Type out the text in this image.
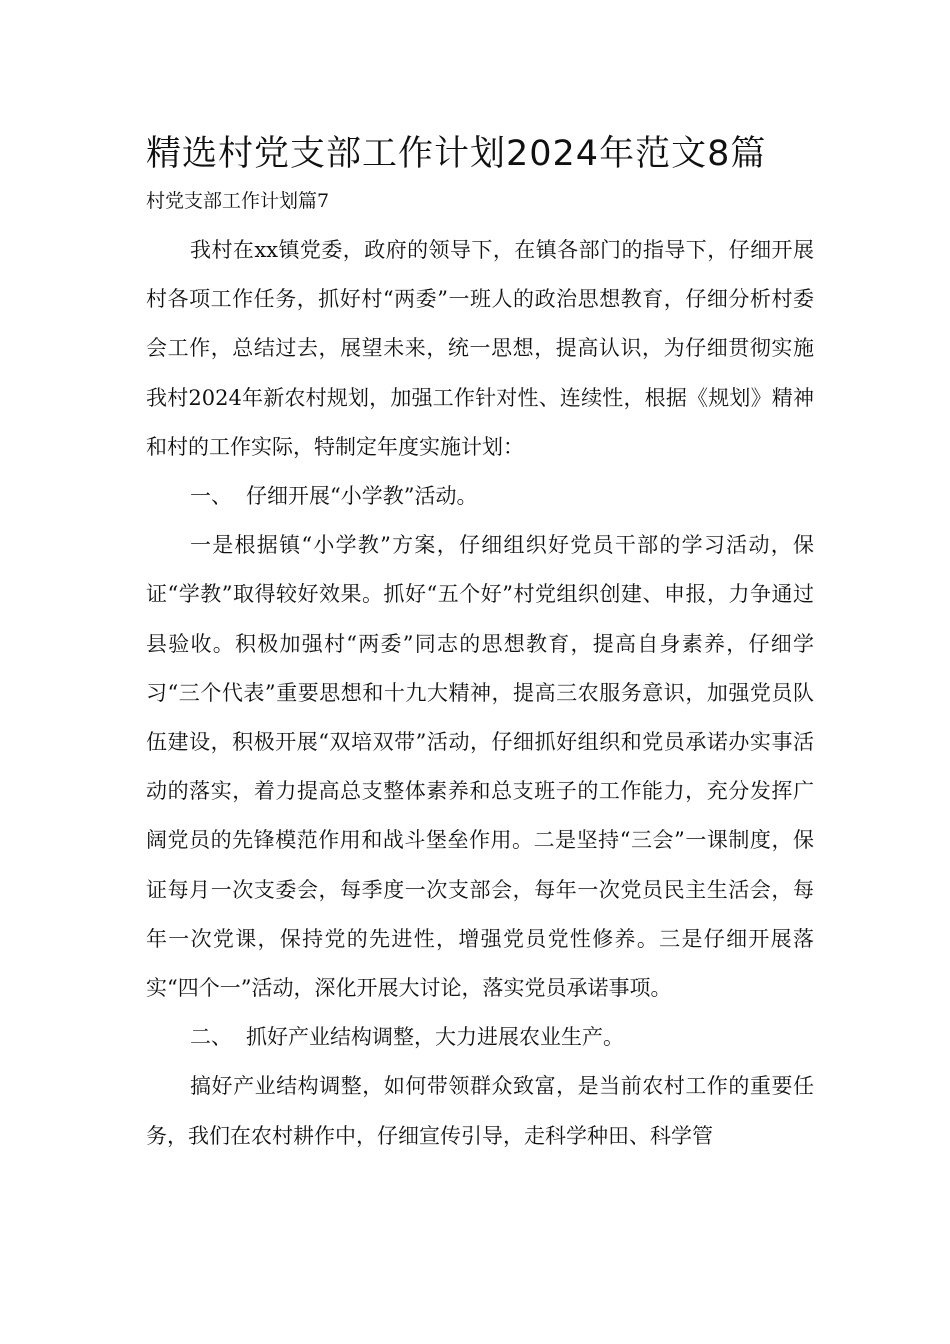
精选村党支部工作计划2024年范文8篇
村党支部工作计划篇7

我村在xx镇党委，政府的领导下，在镇各部门的指导下，仔细开展村各项工作任务，抓好村“两委”一班人的政治思想教育，仔细分析村委会工作，总结过去，展望未来，统一思想，提高认识，为仔细贯彻实施我村2024年新农村规划，加强工作针对性、连续性，根据《规划》精神和村的工作实际，特制定年度实施计划：

一、 仔细开展“小学教”活动。

一是根据镇“小学教”方案，仔细组织好党员干部的学习活动，保证“学教”取得较好效果。抓好“五个好”村党组织创建、申报，力争通过县验收。积极加强村“两委”同志的思想教育，提高自身素养，仔细学习“三个代表”重要思想和十九大精神，提高三农服务意识，加强党员队伍建设，积极开展“双培双带”活动，仔细抓好组织和党员承诺办实事活动的落实，着力提高总支整体素养和总支班子的工作能力，充分发挥广阔党员的先锋模范作用和战斗堡垒作用。二是坚持“三会”一课制度，保证每月一次支委会，每季度一次支部会，每年一次党员民主生活会，每年一次党课，保持党的先进性，增强党员党性修养。三是仔细开展落实“四个一”活动，深化开展大讨论，落实党员承诺事项。

二、 抓好产业结构调整，大力进展农业生产。

搞好产业结构调整，如何带领群众致富，是当前农村工作的重要任务，我们在农村耕作中，仔细宣传引导，走科学种田、科学管
